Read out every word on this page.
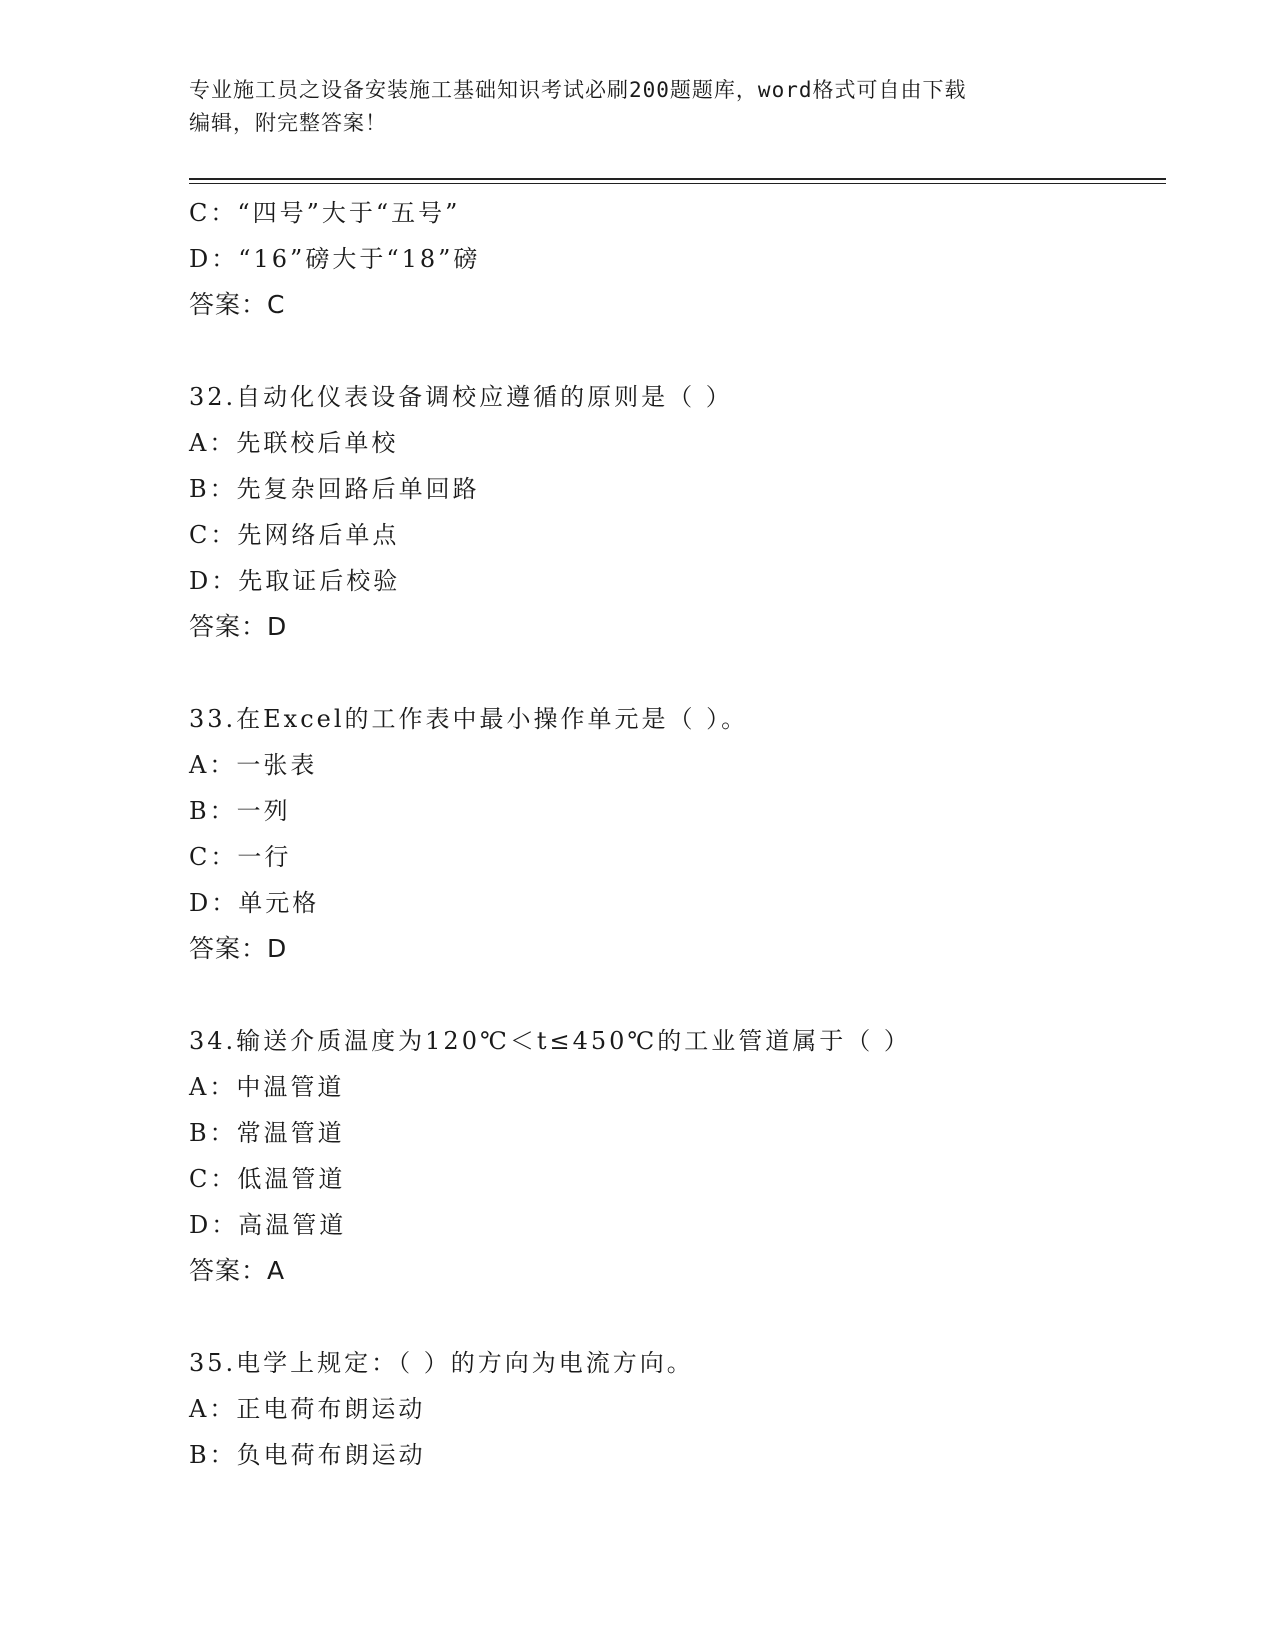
专业施工员之设备安装施工基础知识考试必刷200题题库，word格式可自由下载
编辑，附完整答案！
C：“四号”大于“五号”
D：“16”磅大于“18”磅
答案：C
32.自动化仪表设备调校应遵循的原则是（ ）
A：先联校后单校
B：先复杂回路后单回路
C：先网络后单点
D：先取证后校验
答案：D
33.在Excel的工作表中最小操作单元是（ ）。
A：一张表
B：一列
C：一行
D：单元格
答案：D
34.输送介质温度为120℃＜t≤450℃的工业管道属于（ ）
A：中温管道
B：常温管道
C：低温管道
D：高温管道
答案：A
35.电学上规定：（ ）的方向为电流方向。
A：正电荷布朗运动
B：负电荷布朗运动
